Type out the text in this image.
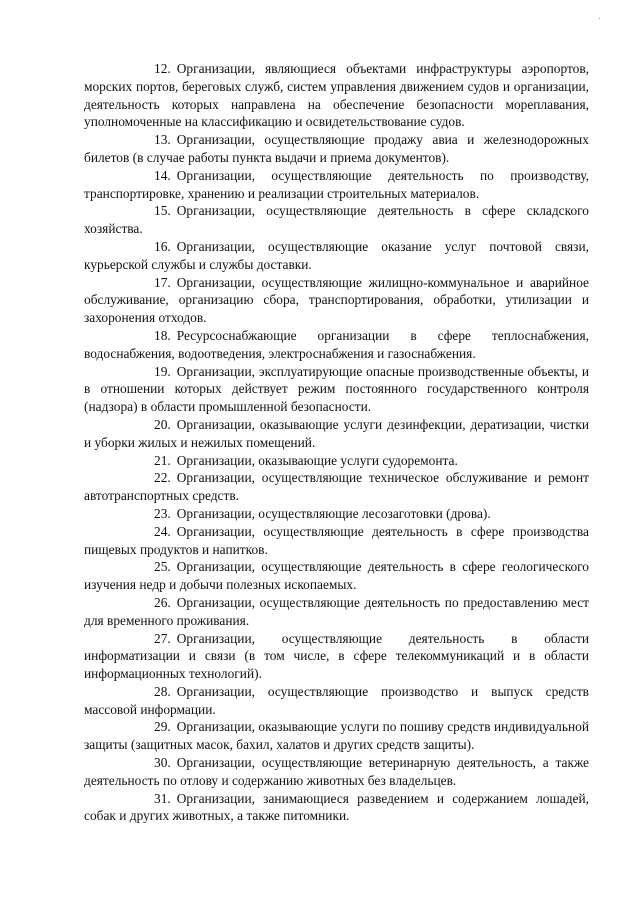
12. Организации, являющиеся объектами инфраструктуры аэропортов, морских портов, береговых служб, систем управления движением судов и организации, деятельность которых направлена на обеспечение безопасности мореплавания, уполномоченные на классификацию и освидетельствование судов.

13. Организации, осуществляющие продажу авиа и железнодорожных билетов (в случае работы пункта выдачи и приема документов).

14. Организации, осуществляющие деятельность по производству, транспортировке, хранению и реализации строительных материалов.

15. Организации, осуществляющие деятельность в сфере складского хозяйства.

16. Организации, осуществляющие оказание услуг почтовой связи, курьерской службы и службы доставки.

17. Организации, осуществляющие жилищно-коммунальное и аварийное обслуживание, организацию сбора, транспортирования, обработки, утилизации и захоронения отходов.

18. Ресурсоснабжающие организации в сфере теплоснабжения, водоснабжения, водоотведения, электроснабжения и газоснабжения.

19. Организации, эксплуатирующие опасные производственные объекты, и в отношении которых действует режим постоянного государственного контроля (надзора) в области промышленной безопасности.

20. Организации, оказывающие услуги дезинфекции, дератизации, чистки и уборки жилых и нежилых помещений.

21. Организации, оказывающие услуги судоремонта.

22. Организации, осуществляющие техническое обслуживание и ремонт автотранспортных средств.

23. Организации, осуществляющие лесозаготовки (дрова).

24. Организации, осуществляющие деятельность в сфере производства пищевых продуктов и напитков.

25. Организации, осуществляющие деятельность в сфере геологического изучения недр и добычи полезных ископаемых.

26. Организации, осуществляющие деятельность по предоставлению мест для временного проживания.

27. Организации, осуществляющие деятельность в области информатизации и связи (в том числе, в сфере телекоммуникаций и в области информационных технологий).

28. Организации, осуществляющие производство и выпуск средств массовой информации.

29. Организации, оказывающие услуги по пошиву средств индивидуальной защиты (защитных масок, бахил, халатов и других средств защиты).

30. Организации, осуществляющие ветеринарную деятельность, а также деятельность по отлову и содержанию животных без владельцев.

31. Организации, занимающиеся разведением и содержанием лошадей, собак и других животных, а также питомники.
